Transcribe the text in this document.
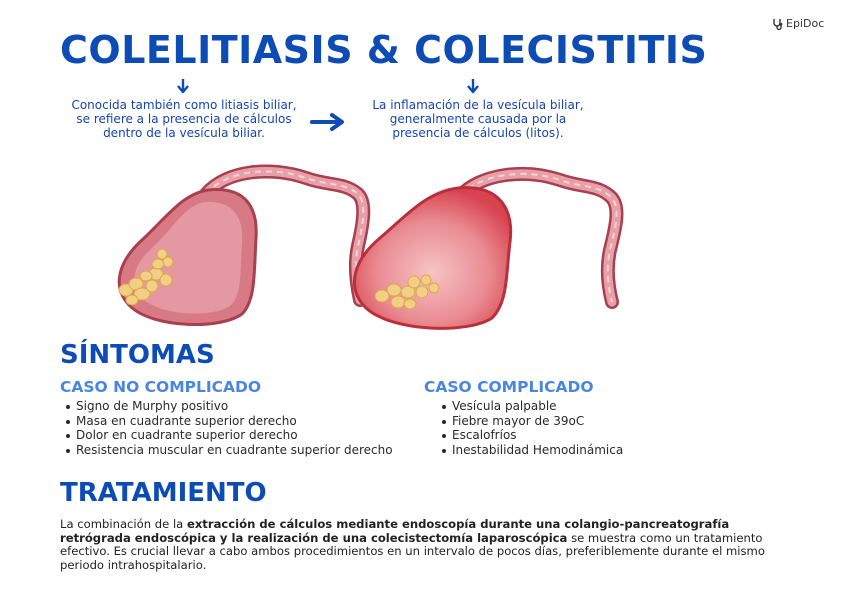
COLELITIASIS & COLECISTITIS
EpiDoc
Conocida también como litiasis biliar, se refiere a la presencia de cálculos dentro de la vesícula biliar.
La inflamación de la vesícula biliar, generalmente causada por la presencia de cálculos (litos).
SÍNTOMAS
CASO NO COMPLICADO
Signo de Murphy positivo
Masa en cuadrante superior derecho
Dolor en cuadrante superior derecho
Resistencia muscular en cuadrante superior derecho
CASO COMPLICADO
Vesícula palpable
Fiebre mayor de 39oC
Escalofríos
Inestabilidad Hemodinámica
TRATAMIENTO
La combinación de la extracción de cálculos mediante endoscopía durante una colangio-pancreatografía retrógrada endoscópica y la realización de una colecistectomía laparoscópica se muestra como un tratamiento efectivo. Es crucial llevar a cabo ambos procedimientos en un intervalo de pocos días, preferiblemente durante el mismo periodo intrahospitalario.
